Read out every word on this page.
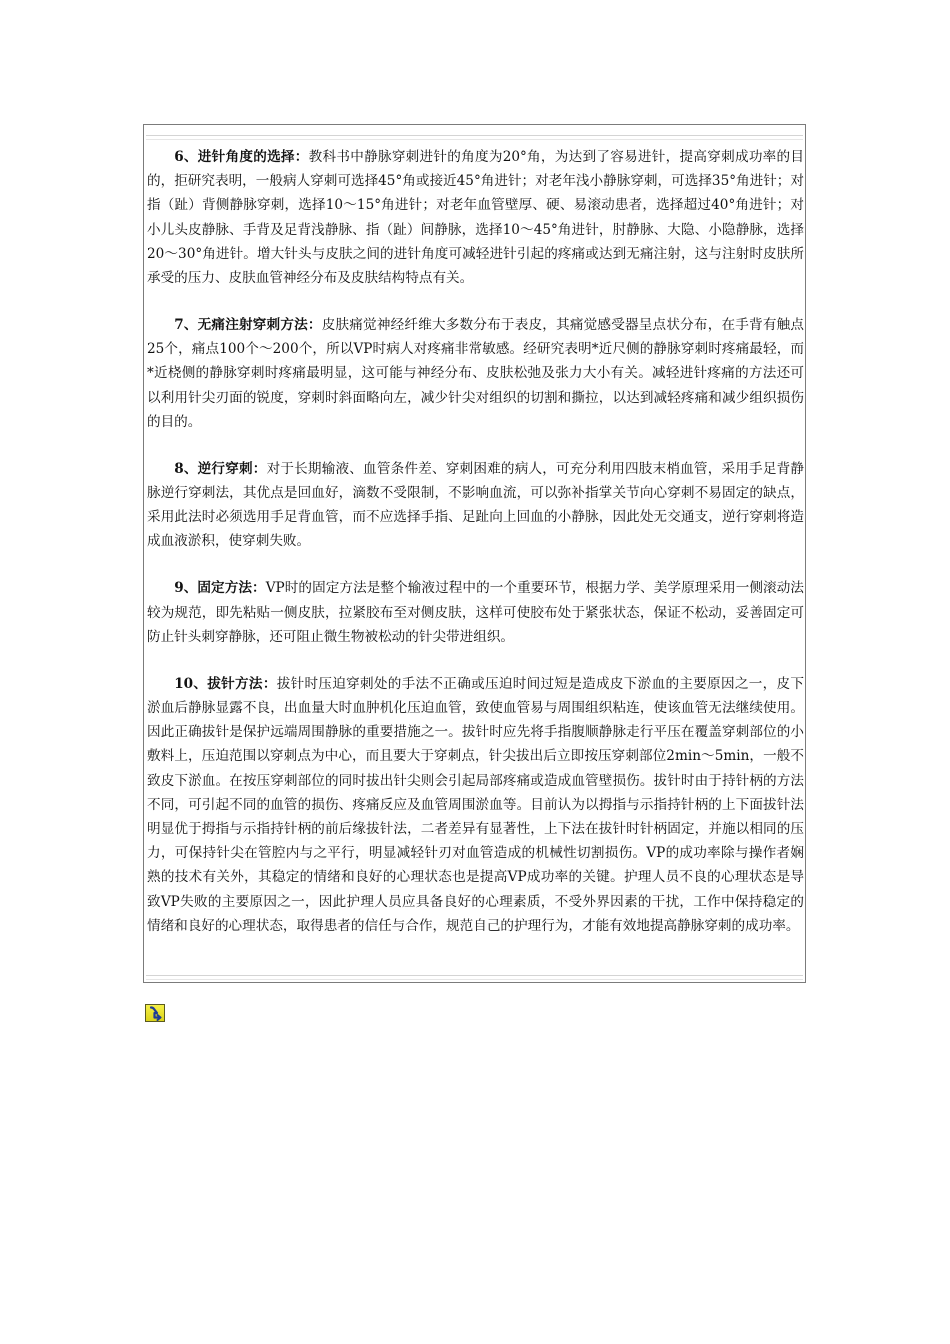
6、进针角度的选择：教科书中静脉穿刺进针的角度为20°角，为达到了容易进针，提高穿刺成功率的目的，拒研究表明，一般病人穿刺可选择45°角或接近45°角进针；对老年浅小静脉穿刺，可选择35°角进针；对指（趾）背侧静脉穿刺，选择10～15°角进针；对老年血管壁厚、硬、易滚动患者，选择超过40°角进针；对小儿头皮静脉、手背及足背浅静脉、指（趾）间静脉，选择10～45°角进针，肘静脉、大隐、小隐静脉，选择20～30°角进针。增大针头与皮肤之间的进针角度可减轻进针引起的疼痛或达到无痛注射，这与注射时皮肤所承受的压力、皮肤血管神经分布及皮肤结构特点有关。

7、无痛注射穿刺方法：皮肤痛觉神经纤维大多数分布于表皮，其痛觉感受器呈点状分布，在手背有触点25个，痛点100个～200个，所以VP时病人对疼痛非常敏感。经研究表明*近尺侧的静脉穿刺时疼痛最轻，而*近桡侧的静脉穿刺时疼痛最明显，这可能与神经分布、皮肤松弛及张力大小有关。减轻进针疼痛的方法还可以利用针尖刃面的锐度，穿刺时斜面略向左，减少针尖对组织的切割和撕拉，以达到减轻疼痛和减少组织损伤的目的。

8、逆行穿刺：对于长期输液、血管条件差、穿刺困难的病人，可充分利用四肢末梢血管，采用手足背静脉逆行穿刺法，其优点是回血好，滴数不受限制，不影响血流，可以弥补指掌关节向心穿刺不易固定的缺点，采用此法时必须选用手足背血管，而不应选择手指、足趾向上回血的小静脉，因此处无交通支，逆行穿刺将造成血液淤积，使穿刺失败。

9、固定方法：VP时的固定方法是整个输液过程中的一个重要环节，根据力学、美学原理采用一侧滚动法较为规范，即先粘贴一侧皮肤，拉紧胶布至对侧皮肤，这样可使胶布处于紧张状态，保证不松动，妥善固定可防止针头刺穿静脉，还可阻止微生物被松动的针尖带进组织。

10、拔针方法：拔针时压迫穿刺处的手法不正确或压迫时间过短是造成皮下淤血的主要原因之一，皮下淤血后静脉显露不良，出血量大时血肿机化压迫血管，致使血管易与周围组织粘连，使该血管无法继续使用。因此正确拔针是保护远端周围静脉的重要措施之一。拔针时应先将手指腹顺静脉走行平压在覆盖穿刺部位的小敷料上，压迫范围以穿刺点为中心，而且要大于穿刺点，针尖拔出后立即按压穿刺部位2min～5min，一般不致皮下淤血。在按压穿刺部位的同时拔出针尖则会引起局部疼痛或造成血管壁损伤。拔针时由于持针柄的方法不同，可引起不同的血管的损伤、疼痛反应及血管周围淤血等。目前认为以拇指与示指持针柄的上下面拔针法明显优于拇指与示指持针柄的前后缘拔针法，二者差异有显著性，上下法在拔针时针柄固定，并施以相同的压力，可保持针尖在管腔内与之平行，明显减轻针刃对血管造成的机械性切割损伤。VP的成功率除与操作者娴熟的技术有关外，其稳定的情绪和良好的心理状态也是提高VP成功率的关键。护理人员不良的心理状态是导致VP失败的主要原因之一，因此护理人员应具备良好的心理素质，不受外界因素的干扰，工作中保持稳定的情绪和良好的心理状态，取得患者的信任与合作，规范自己的护理行为，才能有效地提高静脉穿刺的成功率。
